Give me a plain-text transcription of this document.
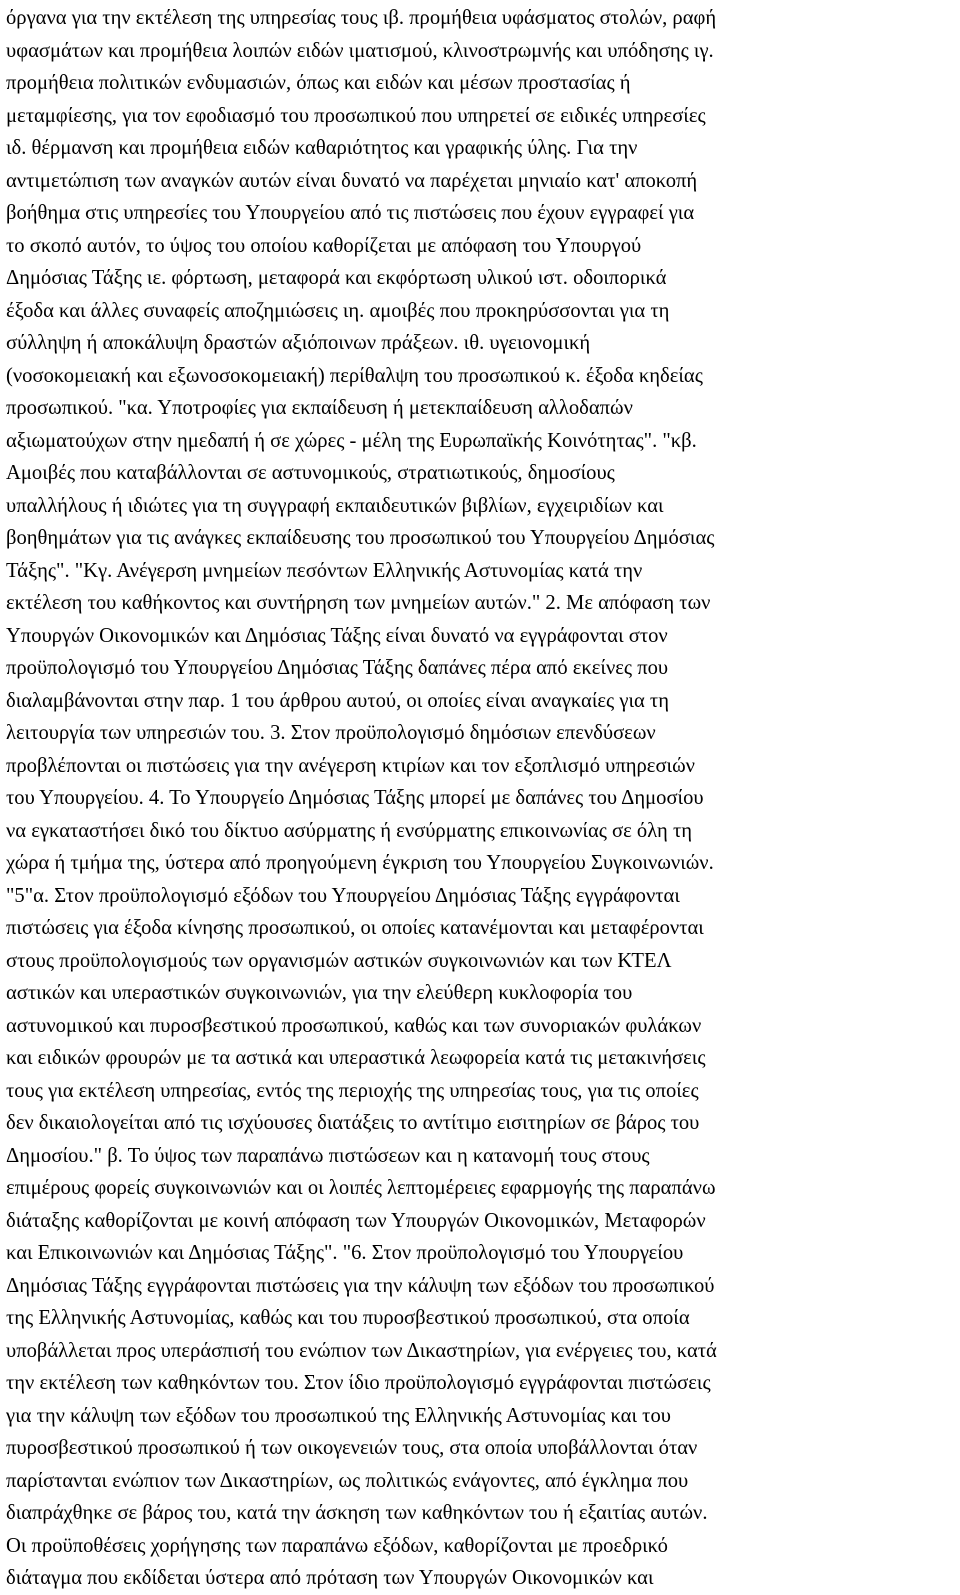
όργανα για την εκτέλεση της υπηρεσίας τους ιβ. προμήθεια υφάσματος στολών, ραφή
υφασμάτων και προμήθεια λοιπών ειδών ιματισμού, κλινοστρωμνής και υπόδησης ιγ.
προμήθεια πολιτικών ενδυμασιών, όπως και ειδών και μέσων προστασίας ή
μεταμφίεσης, για τον εφοδιασμό του προσωπικού που υπηρετεί σε ειδικές υπηρεσίες
ιδ. θέρμανση και προμήθεια ειδών καθαριότητος και γραφικής ύλης. Για την
αντιμετώπιση των αναγκών αυτών είναι δυνατό να παρέχεται μηνιαίο κατ' αποκοπή
βοήθημα στις υπηρεσίες του Υπουργείου από τις πιστώσεις που έχουν εγγραφεί για
το σκοπό αυτόν, το ύψος του οποίου καθορίζεται με απόφαση του Υπουργού
Δημόσιας Τάξης ιε. φόρτωση, μεταφορά και εκφόρτωση υλικού ιστ. οδοιπορικά
έξοδα και άλλες συναφείς αποζημιώσεις ιη. αμοιβές που προκηρύσσονται για τη
σύλληψη ή αποκάλυψη δραστών αξιόποινων πράξεων. ιθ. υγειονομική
(νοσοκομειακή και εξωνοσοκομειακή) περίθαλψη του προσωπικού κ. έξοδα κηδείας
προσωπικού. "κα. Υποτροφίες για εκπαίδευση ή μετεκπαίδευση αλλοδαπών
αξιωματούχων στην ημεδαπή ή σε χώρες - μέλη της Ευρωπαϊκής Κοινότητας". "κβ.
Αμοιβές που καταβάλλονται σε αστυνομικούς, στρατιωτικούς, δημοσίους
υπαλλήλους ή ιδιώτες για τη συγγραφή εκπαιδευτικών βιβλίων, εγχειριδίων και
βοηθημάτων για τις ανάγκες εκπαίδευσης του προσωπικού του Υπουργείου Δημόσιας
Τάξης". "Κγ. Ανέγερση μνημείων πεσόντων Ελληνικής Αστυνομίας κατά την
εκτέλεση του καθήκοντος και συντήρηση των μνημείων αυτών." 2. Με απόφαση των
Υπουργών Οικονομικών και Δημόσιας Τάξης είναι δυνατό να εγγράφονται στον
προϋπολογισμό του Υπουργείου Δημόσιας Τάξης δαπάνες πέρα από εκείνες που
διαλαμβάνονται στην παρ. 1 του άρθρου αυτού, οι οποίες είναι αναγκαίες για τη
λειτουργία των υπηρεσιών του. 3. Στον προϋπολογισμό δημόσιων επενδύσεων
προβλέπονται οι πιστώσεις για την ανέγερση κτιρίων και τον εξοπλισμό υπηρεσιών
του Υπουργείου. 4. Το Υπουργείο Δημόσιας Τάξης μπορεί με δαπάνες του Δημοσίου
να εγκαταστήσει δικό του δίκτυο ασύρματης ή ενσύρματης επικοινωνίας σε όλη τη
χώρα ή τμήμα της, ύστερα από προηγούμενη έγκριση του Υπουργείου Συγκοινωνιών.
"5"α. Στον προϋπολογισμό εξόδων του Υπουργείου Δημόσιας Τάξης εγγράφονται
πιστώσεις για έξοδα κίνησης προσωπικού, οι οποίες κατανέμονται και μεταφέρονται
στους προϋπολογισμούς των οργανισμών αστικών συγκοινωνιών και των ΚΤΕΛ
αστικών και υπεραστικών συγκοινωνιών, για την ελεύθερη κυκλοφορία του
αστυνομικού και πυροσβεστικού προσωπικού, καθώς και των συνοριακών φυλάκων
και ειδικών φρουρών με τα αστικά και υπεραστικά λεωφορεία κατά τις μετακινήσεις
τους για εκτέλεση υπηρεσίας, εντός της περιοχής της υπηρεσίας τους, για τις οποίες
δεν δικαιολογείται από τις ισχύουσες διατάξεις το αντίτιμο εισιτηρίων σε βάρος του
Δημοσίου." β. Το ύψος των παραπάνω πιστώσεων και η κατανομή τους στους
επιμέρους φορείς συγκοινωνιών και οι λοιπές λεπτομέρειες εφαρμογής της παραπάνω
διάταξης καθορίζονται με κοινή απόφαση των Υπουργών Οικονομικών, Μεταφορών
και Επικοινωνιών και Δημόσιας Τάξης". "6. Στον προϋπολογισμό του Υπουργείου
Δημόσιας Τάξης εγγράφονται πιστώσεις για την κάλυψη των εξόδων του προσωπικού
της Ελληνικής Αστυνομίας, καθώς και του πυροσβεστικού προσωπικού, στα οποία
υποβάλλεται προς υπεράσπισή του ενώπιον των Δικαστηρίων, για ενέργειες του, κατά
την εκτέλεση των καθηκόντων του. Στον ίδιο προϋπολογισμό εγγράφονται πιστώσεις
για την κάλυψη των εξόδων του προσωπικού της Ελληνικής Αστυνομίας και του
πυροσβεστικού προσωπικού ή των οικογενειών τους, στα οποία υποβάλλονται όταν
παρίστανται ενώπιον των Δικαστηρίων, ως πολιτικώς ενάγοντες, από έγκλημα που
διαπράχθηκε σε βάρος του, κατά την άσκηση των καθηκόντων του ή εξαιτίας αυτών.
Οι προϋποθέσεις χορήγησης των παραπάνω εξόδων, καθορίζονται με προεδρικό
διάταγμα που εκδίδεται ύστερα από πρόταση των Υπουργών Οικονομικών και
